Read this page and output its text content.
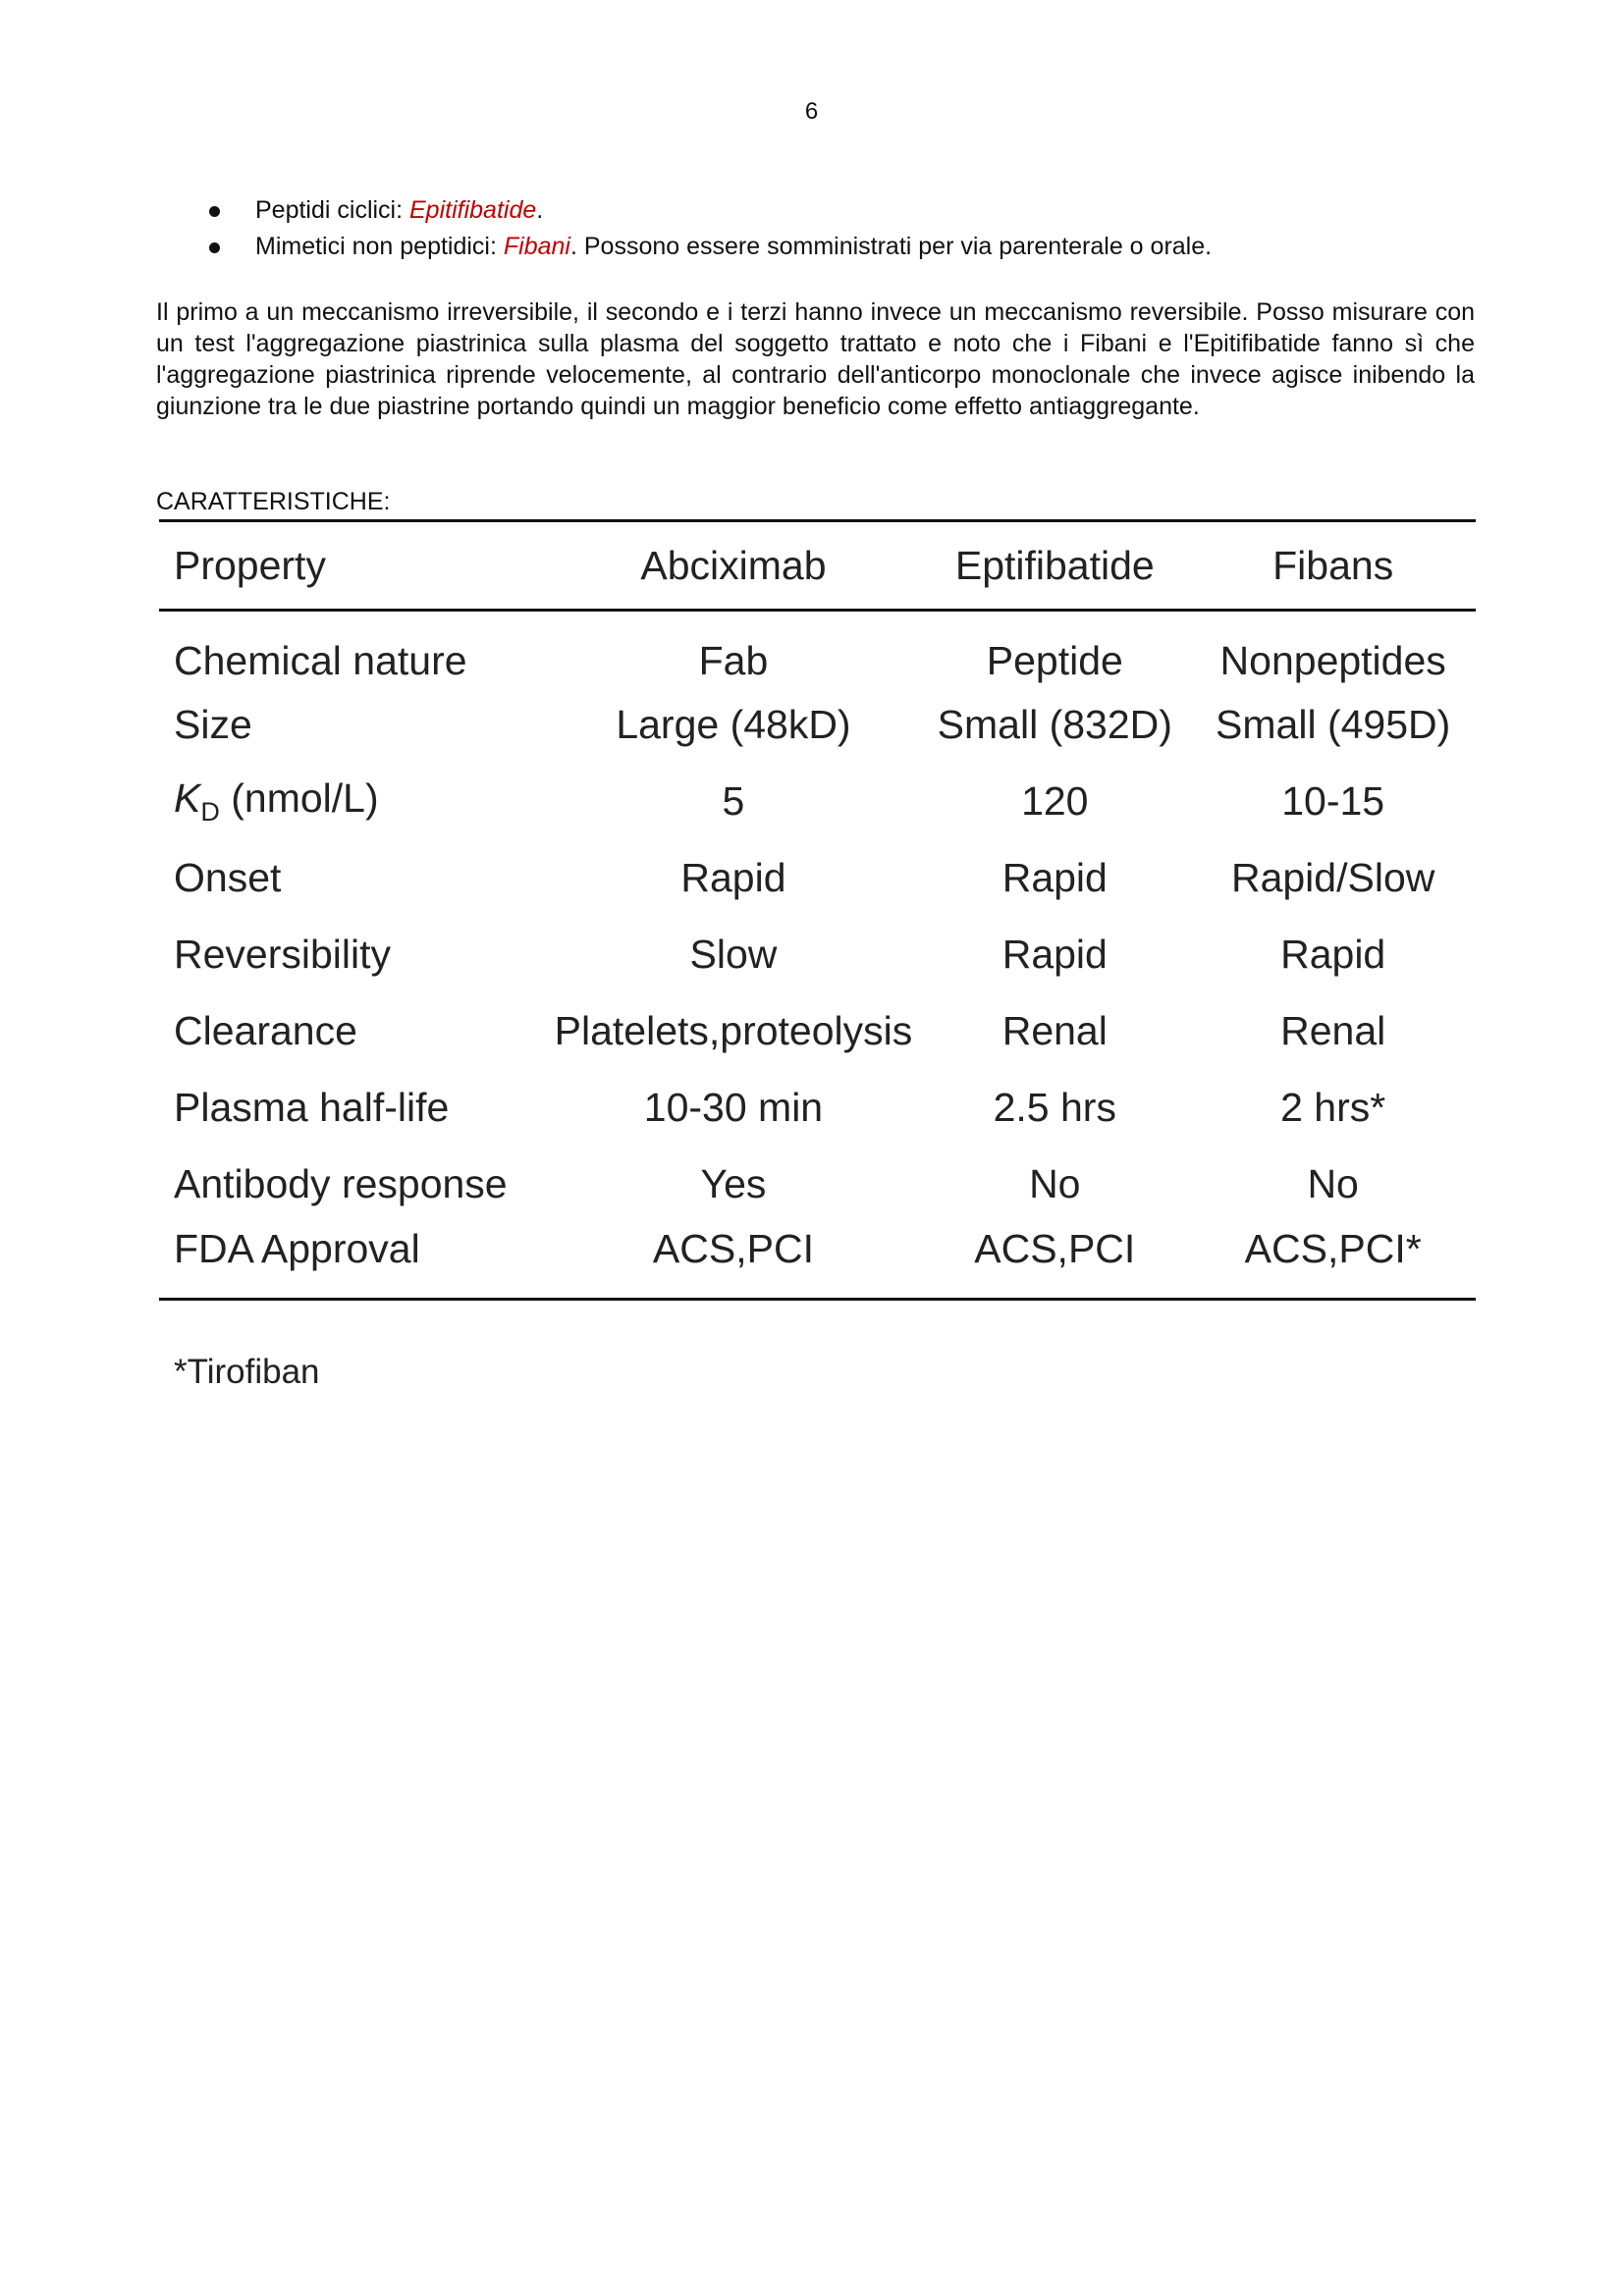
6
Peptidi ciclici: Epitifibatide.
Mimetici non peptidici: Fibani. Possono essere somministrati per via parenterale o orale.

Il primo a un meccanismo irreversibile, il secondo e i terzi hanno invece un meccanismo reversibile. Posso misurare con un test l'aggregazione piastrinica sulla plasma del soggetto trattato e noto che i Fibani e l'Epitifibatide fanno sì che l'aggregazione piastrinica riprende velocemente, al contrario dell'anticorpo monoclonale che invece agisce inibendo la giunzione tra le due piastrine portando quindi un maggior beneficio come effetto antiaggregante.

CARATTERISTICHE:

Property	Abciximab	Eptifibatide	Fibans
Chemical nature	Fab	Peptide	Nonpeptides
Size	Large (48kD)	Small (832D)	Small (495D)
$K_D$ (nmol/L)	5	120	10-15
Onset	Rapid	Rapid	Rapid/Slow
Reversibility	Slow	Rapid	Rapid
Clearance	Platelets,proteolysis	Renal	Renal
Plasma half-life	10-30 min	2.5 hrs	2 hrs*
Antibody response	Yes	No	No
FDA Approval	ACS,PCI	ACS,PCI	ACS,PCI*
*Tirofiban
